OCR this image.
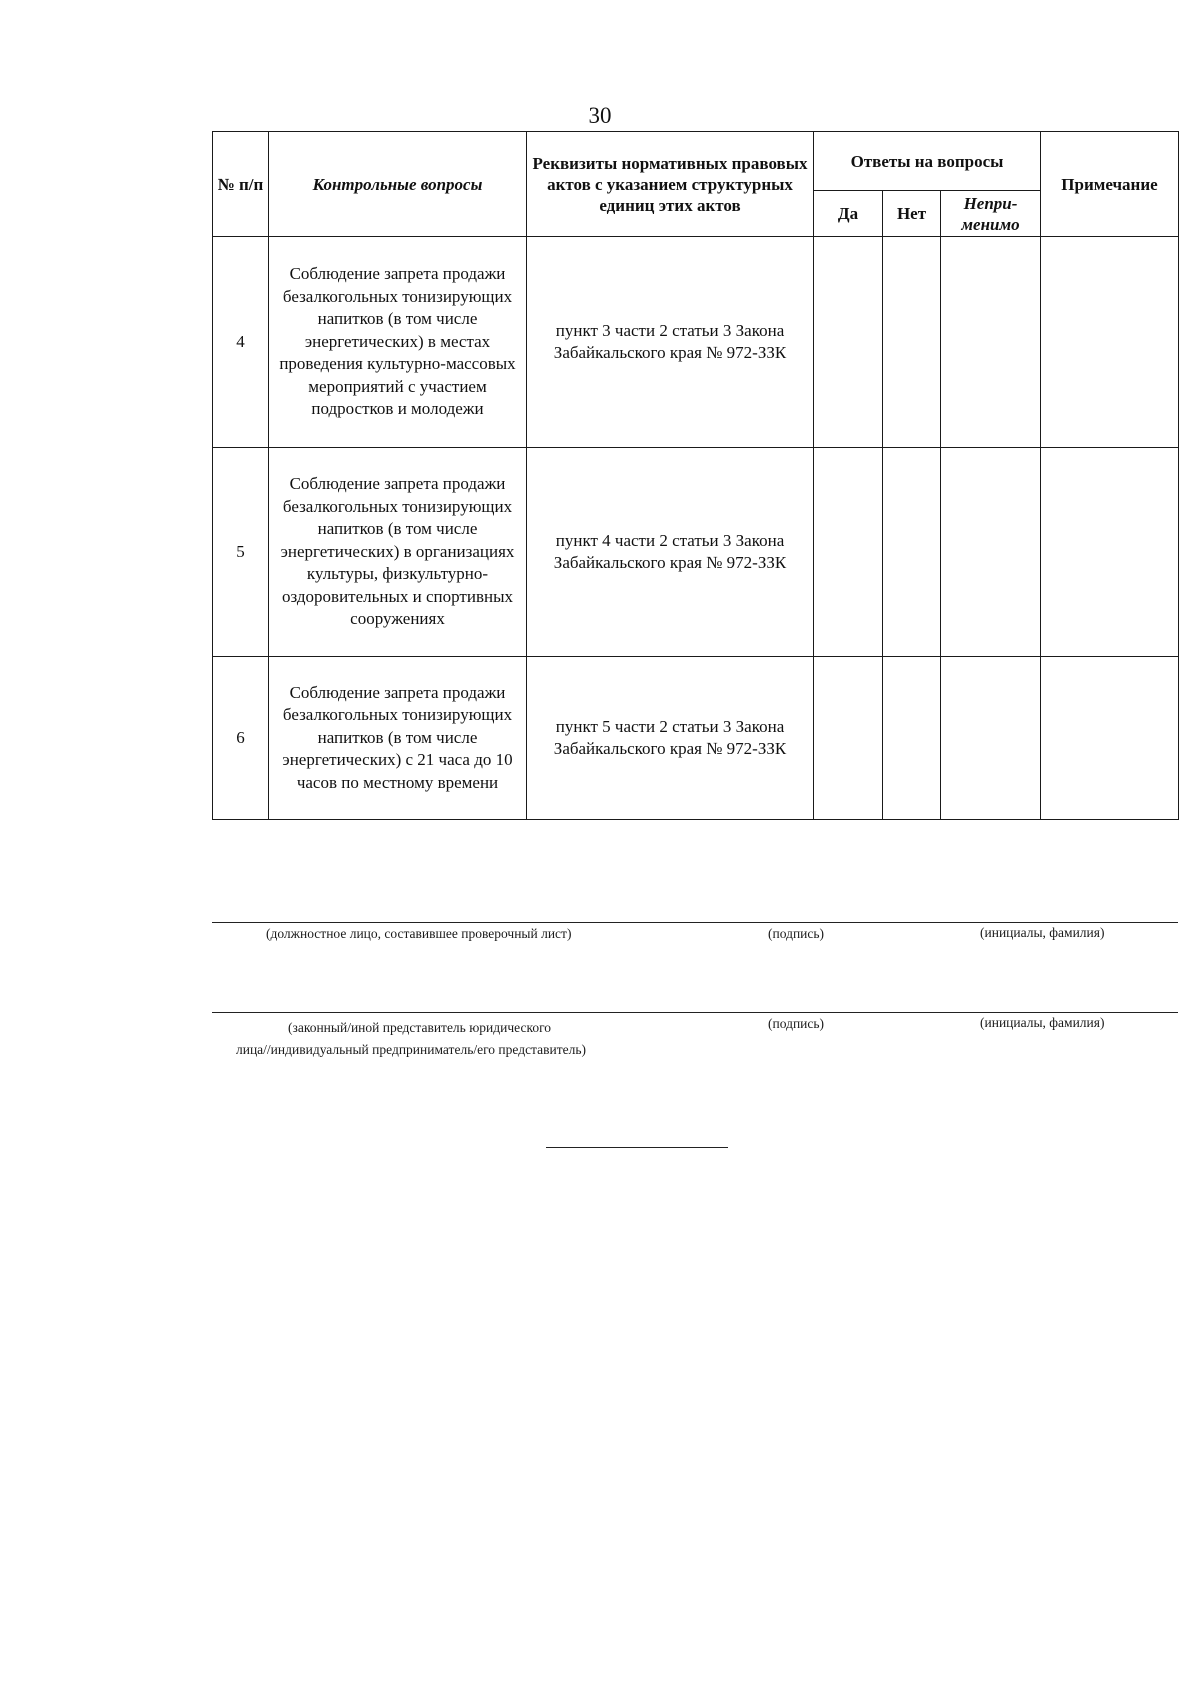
30
№ п/п	Контрольные вопросы	Реквизиты нормативных правовых актов с указанием структурных единиц этих актов	Ответы на вопросы			Примечание
			Да	Нет	Непри-менимо	
4	Соблюдение запрета продажи безалкогольных тонизирующих напитков (в том числе энергетических) в местах проведения культурно-массовых мероприятий с участием подростков и молодежи	пункт 3 части 2 статьи 3 Закона Забайкальского края № 972-ЗЗК				
5	Соблюдение запрета продажи безалкогольных тонизирующих напитков (в том числе энергетических) в организациях культуры, физкультурно-оздоровительных и спортивных сооружениях	пункт 4 части 2 статьи 3 Закона Забайкальского края № 972-ЗЗК				
6	Соблюдение запрета продажи безалкогольных тонизирующих напитков (в том числе энергетических) с 21 часа до 10 часов по местному времени	пункт 5 части 2 статьи 3 Закона Забайкальского края № 972-ЗЗК				
(должностное лицо, составившее проверочный лист)	(подпись)	(инициалы, фамилия)
(законный/иной представитель юридического
лица//индивидуальный предприниматель/его представитель)
(подпись)	(инициалы, фамилия)
